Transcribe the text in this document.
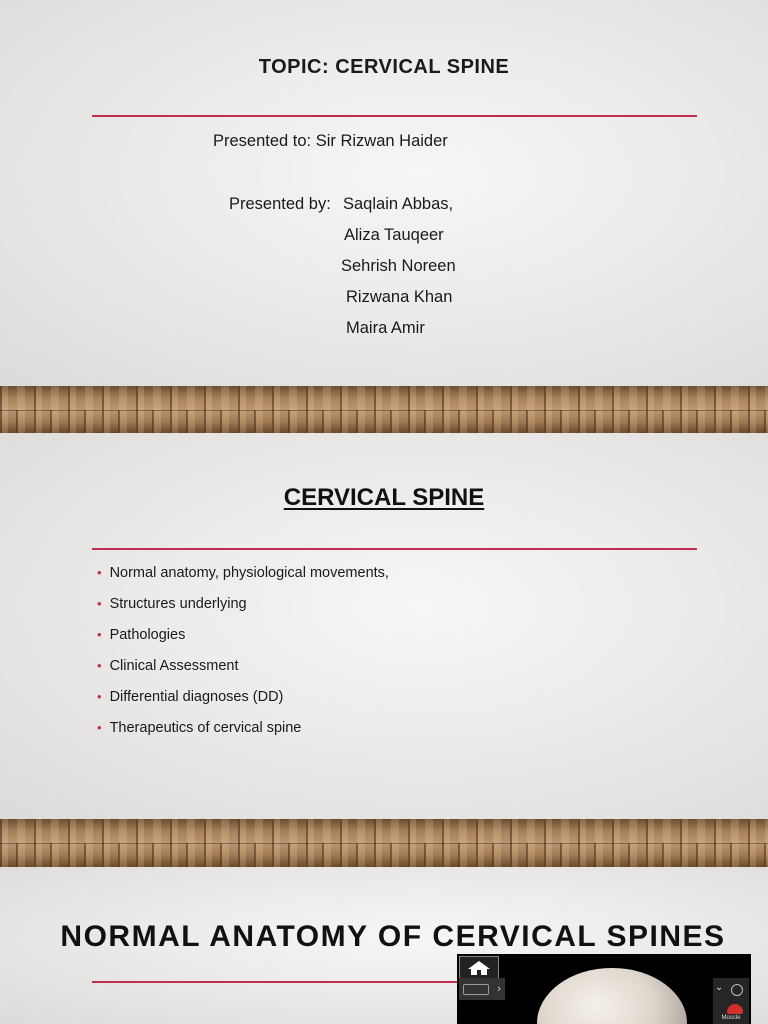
TOPIC: CERVICAL SPINE
Presented to: Sir Rizwan Haider
Presented by: Saqlain Abbas,
Aliza Tauqeer
Sehrish Noreen
Rizwana Khan
Maira Amir
CERVICAL SPINE
• Normal anatomy, physiological movements,
• Structures underlying
• Pathologies
• Clinical Assessment
• Differential diagnoses (DD)
• Therapeutics of cervical spine
NORMAL ANATOMY OF CERVICAL SPINES
›	⌄
Muscle
